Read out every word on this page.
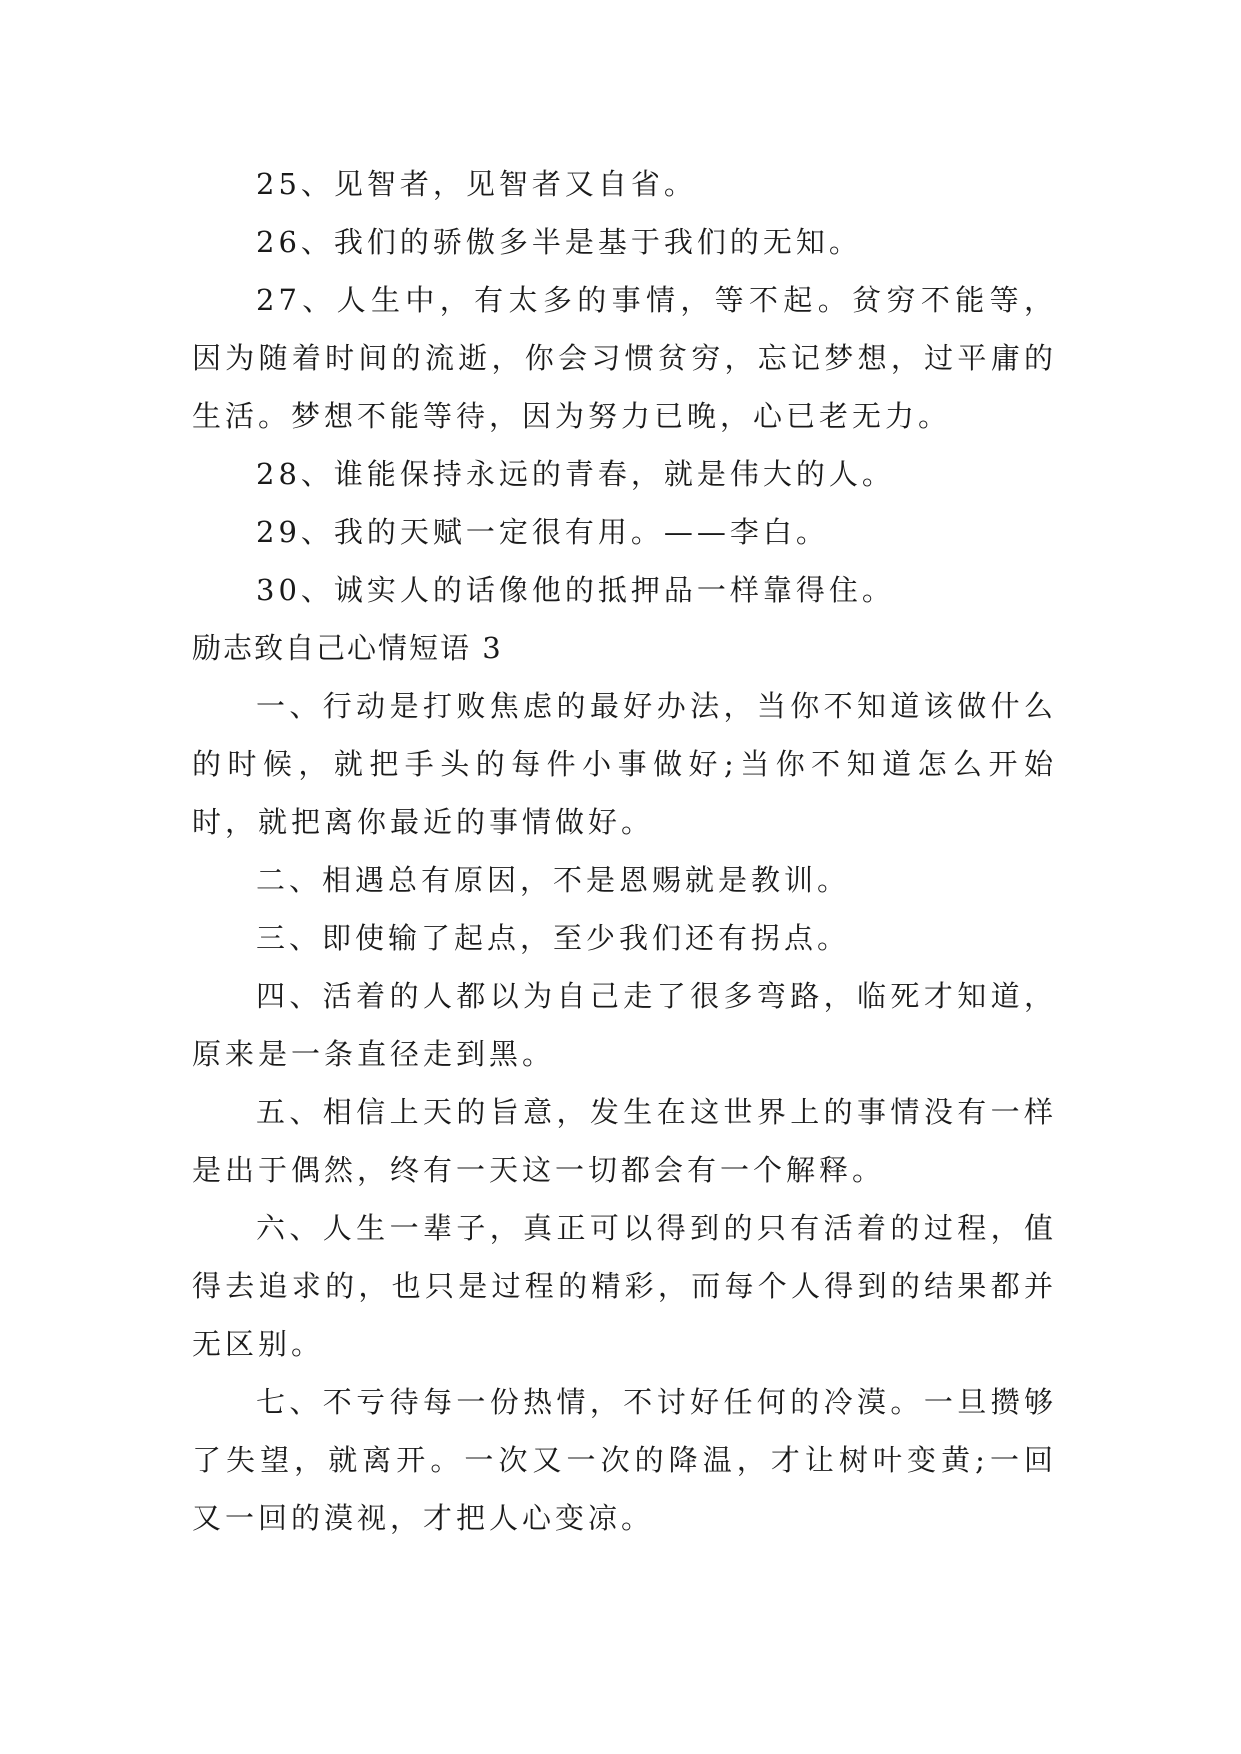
25、见智者，见智者又自省。

26、我们的骄傲多半是基于我们的无知。

27、人生中，有太多的事情，等不起。贫穷不能等，因为随着时间的流逝，你会习惯贫穷，忘记梦想，过平庸的生活。梦想不能等待，因为努力已晚，心已老无力。

28、谁能保持永远的青春，就是伟大的人。

29、我的天赋一定很有用。——李白。

30、诚实人的话像他的抵押品一样靠得住。

励志致自己心情短语 3

一、行动是打败焦虑的最好办法，当你不知道该做什么的时候，就把手头的每件小事做好;当你不知道怎么开始时，就把离你最近的事情做好。

二、相遇总有原因，不是恩赐就是教训。

三、即使输了起点，至少我们还有拐点。

四、活着的人都以为自己走了很多弯路，临死才知道，原来是一条直径走到黑。

五、相信上天的旨意，发生在这世界上的事情没有一样是出于偶然，终有一天这一切都会有一个解释。

六、人生一辈子，真正可以得到的只有活着的过程，值得去追求的，也只是过程的精彩，而每个人得到的结果都并无区别。

七、不亏待每一份热情，不讨好任何的冷漠。一旦攒够了失望，就离开。一次又一次的降温，才让树叶变黄;一回又一回的漠视，才把人心变凉。
